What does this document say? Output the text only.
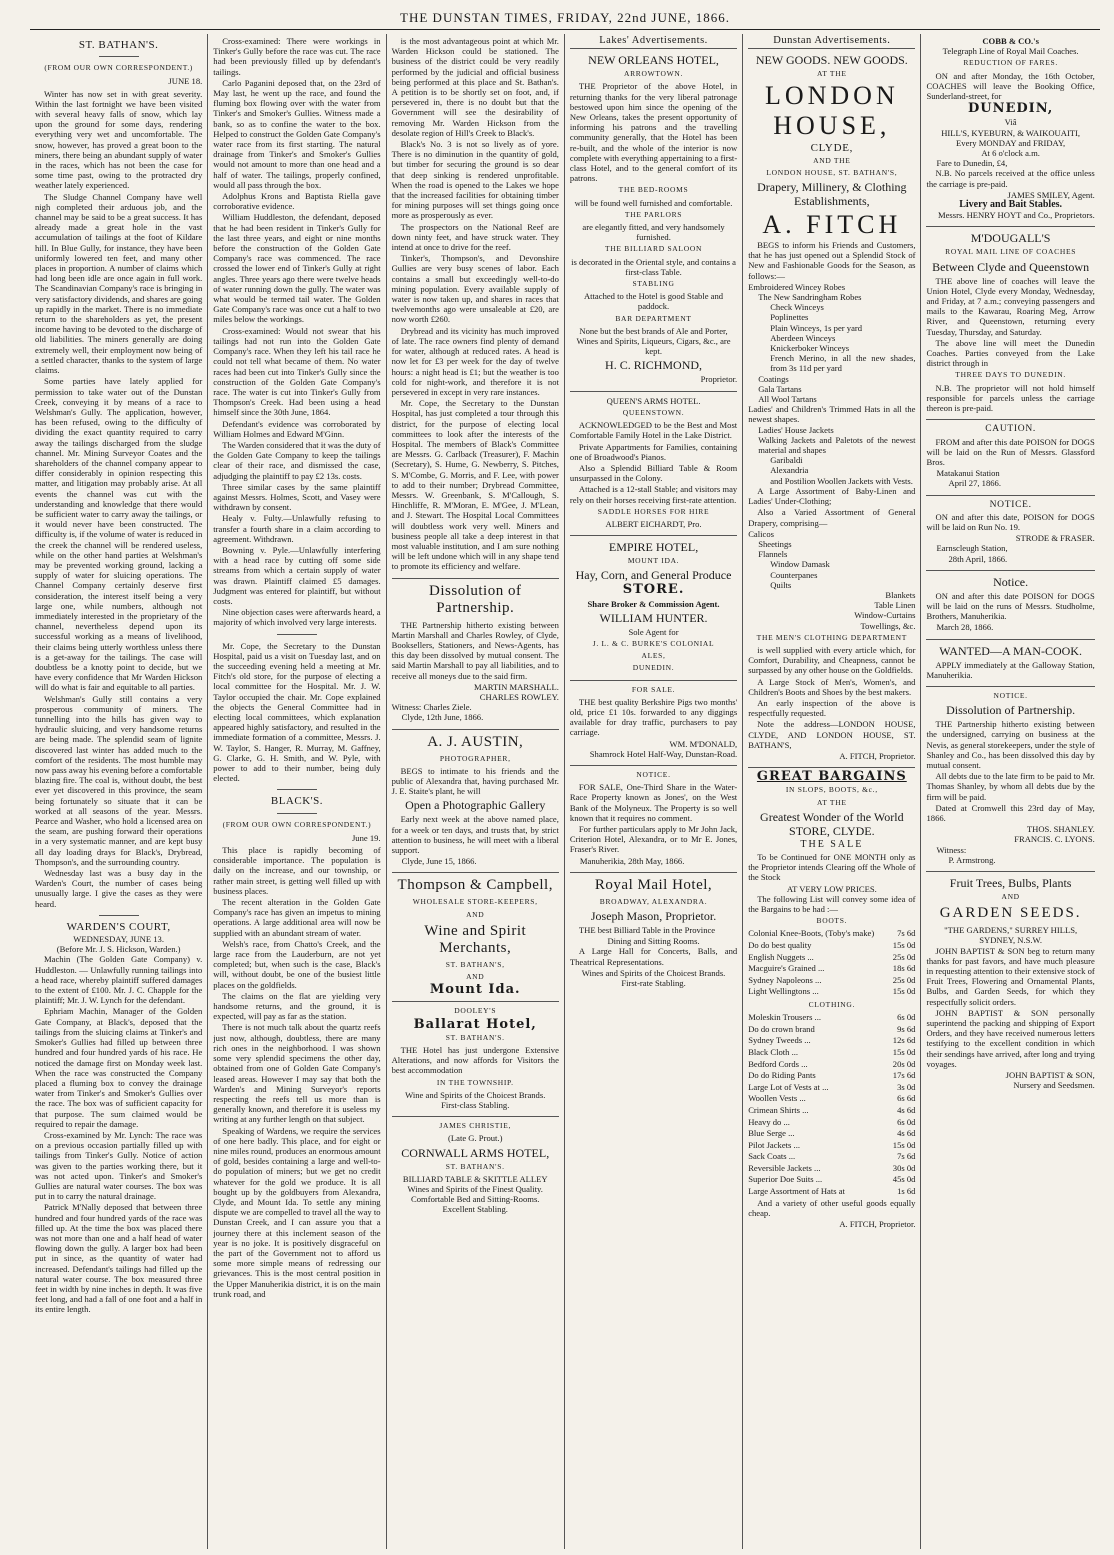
THE DUNSTAN TIMES, FRIDAY, 22nd JUNE, 1866.
ST. BATHAN'S.
(FROM OUR OWN CORRESPONDENT.)
JUNE 18.

Winter has now set in with great severity. Within the last fortnight we have been visited with several heavy falls of snow, which lay upon the ground for some days, rendering everything very wet and uncomfortable. The snow, however, has proved a great boon to the miners, there being an abundant supply of water in the races, which has not been the case for some time past, owing to the protracted dry weather lately experienced.

The Sludge Channel Company have well nigh completed their arduous job, and the channel may be said to be a great success. It has already made a great hole in the vast accumulation of tailings at the foot of Kildare hill. In Blue Gully, for instance, they have been uniformly lowered ten feet, and many other places in proportion. A number of claims which had long been idle are once again in full work. The Scandinavian Company's race is bringing in very satisfactory dividends, and shares are going up rapidly in the market. There is no immediate return to the shareholders as yet, the present income having to be devoted to the discharge of old liabilities. The miners generally are doing extremely well, their employment now being of a settled character, thanks to the system of large claims.

Some parties have lately applied for permission to take water out of the Dunstan Creek, conveying it by means of a race to Welshman's Gully. The application, however, has been refused, owing to the difficulty of dividing the exact quantity required to carry away the tailings discharged from the sludge channel. Mr. Mining Surveyor Coates and the shareholders of the channel company appear to differ considerably in opinion respecting this matter, and litigation may probably arise. At all events the channel was cut with the understanding and knowledge that there would be sufficient water to carry away the tailings, or it would never have been constructed. The difficulty is, if the volume of water is reduced in the creek the channel will be rendered useless, while on the other hand parties at Welshman's may be prevented working ground, lacking a supply of water for sluicing operations. The Channel Company certainly deserve first consideration, the interest itself being a very large one, while numbers, although not immediately interested in the proprietary of the channel, nevertheless depend upon its successful working as a means of livelihood, their claims being utterly worthless unless there is a get-away for the tailings. The case will doubtless be a knotty point to decide, but we have every confidence that Mr Warden Hickson will do what is fair and equitable to all parties.

Welshman's Gully still contains a very prosperous community of miners. The tunnelling into the hills has given way to hydraulic sluicing, and very handsome returns are being made. The splendid seam of lignite discovered last winter has added much to the comfort of the residents. The most humble may now pass away his evening before a comfortable blazing fire. The coal is, without doubt, the best ever yet discovered in this province, the seam being fortunately so situate that it can be worked at all seasons of the year. Messrs. Pearce and Washer, who hold a licensed area on the seam, are pushing forward their operations in a very systematic manner, and are kept busy all day loading drays for Black's, Drybread, Thompson's, and the surrounding country.

Wednesday last was a busy day in the Warden's Court, the number of cases being unusually large. I give the cases as they were heard.

WARDEN'S COURT,
WEDNESDAY, JUNE 13.
(Before Mr. J. S. Hickson, Warden.)

Machin (The Golden Gate Company) v. Huddleston. — Unlawfully running tailings into a head race, whereby plaintiff suffered damages to the extent of £100. Mr. J. C. Chapple for the plaintiff; Mr. J. W. Lynch for the defendant.

Ephriam Machin, Manager of the Golden Gate Company, at Black's, deposed that the tailings from the sluicing claims at Tinker's and Smoker's Gullies had filled up between three hundred and four hundred yards of his race. He noticed the damage first on Monday week last. When the race was constructed the Company placed a fluming box to convey the drainage water from Tinker's and Smoker's Gullies over the race. The box was of sufficient capacity for that purpose. The sum claimed would be required to repair the damage.

Cross-examined by Mr. Lynch: The race was on a previous occasion partially filled up with tailings from Tinker's Gully. Notice of action was given to the parties working there, but it was not acted upon. Tinker's and Smoker's Gullies are natural water courses. The box was put in to carry the natural drainage.

Patrick M'Nally deposed that between three hundred and four hundred yards of the race was filled up. At the time the box was placed there was not more than one and a half head of water flowing down the gully. A larger box had been put in since, as the quantity of water had increased. Defendant's tailings had filled up the natural water course. The box measured three feet in width by nine inches in depth. It was five feet long, and had a fall of one foot and a half in its entire length.

Cross-examined: There were workings in Tinker's Gully before the race was cut. The race had been previously filled up by defendant's tailings.

Carlo Paganini deposed that, on the 23rd of May last, he went up the race, and found the fluming box flowing over with the water from Tinker's and Smoker's Gullies. Witness made a bank, so as to confine the water to the box. Helped to construct the Golden Gate Company's water race from its first starting. The natural drainage from Tinker's and Smoker's Gullies would not amount to more than one head and a half of water. The tailings, properly confined, would all pass through the box.

Adolphus Krons and Baptista Riella gave corroborative evidence.

William Huddleston, the defendant, deposed that he had been resident in Tinker's Gully for the last three years, and eight or nine months before the construction of the Golden Gate Company's race was commenced. The race crossed the lower end of Tinker's Gully at right angles. Three years ago there were twelve heads of water running down the gully. The water was what would be termed tail water. The Golden Gate Company's race was once cut a half to two miles below the workings.

Cross-examined: Would not swear that his tailings had not run into the Golden Gate Company's race. When they left his tail race he could not tell what became of them. No water races had been cut into Tinker's Gully since the construction of the Golden Gate Company's race. The water is cut into Tinker's Gully from Thompson's Creek. Had been using a head himself since the 30th June, 1864.

Defendant's evidence was corroborated by William Holmes and Edward M'Ginn.

The Warden considered that it was the duty of the Golden Gate Company to keep the tailings clear of their race, and dismissed the case, adjudging the plaintiff to pay £2 13s. costs.

Three similar cases by the same plaintiff against Messrs. Holmes, Scott, and Vasey were withdrawn by consent.

Healy v. Fulty.—Unlawfully refusing to transfer a fourth share in a claim according to agreement. Withdrawn.

Bowning v. Pyle.—Unlawfully interfering with a head race by cutting off some side streams from which a certain supply of water was drawn. Plaintiff claimed £5 damages. Judgment was entered for plaintiff, but without costs.

Nine objection cases were afterwards heard, a majority of which involved very large interests.

Mr. Cope, the Secretary to the Dunstan Hospital, paid us a visit on Tuesday last, and on the succeeding evening held a meeting at Mr. Fitch's old store, for the purpose of electing a local committee for the Hospital. Mr. J. W. Taylor occupied the chair. Mr. Cope explained the objects the General Committee had in electing local committees, which explanation appeared highly satisfactory, and resulted in the immediate formation of a committee, Messrs. J. W. Taylor, S. Hanger, R. Murray, M. Gaffney, G. Clarke, G. H. Smith, and W. Pyle, with power to add to their number, being duly elected.

BLACK'S.
(FROM OUR OWN CORRESPONDENT.)
June 19.

This place is rapidly becoming of considerable importance. The population is daily on the increase, and our township, or rather main street, is getting well filled up with business places.

The recent alteration in the Golden Gate Company's race has given an impetus to mining operations. A large additional area will now be supplied with an abundant stream of water.

Welsh's race, from Chatto's Creek, and the large race from the Lauderburn, are not yet completed; but, when such is the case, Black's will, without doubt, be one of the busiest little places on the goldfields.

The claims on the flat are yielding very handsome returns, and the ground, it is expected, will pay as far as the station.

There is not much talk about the quartz reefs just now, although, doubtless, there are many rich ones in the neighborhood. I was shown some very splendid specimens the other day, obtained from one of Golden Gate Company's leased areas. However I may say that both the Warden's and Mining Surveyor's reports respecting the reefs tell us more than is generally known, and therefore it is useless my writing at any further length on that subject.

Speaking of Wardens, we require the services of one here badly. This place, and for eight or nine miles round, produces an enormous amount of gold, besides containing a large and well-to-do population of miners; but we get no credit whatever for the gold we produce. It is all bought up by the goldbuyers from Alexandra, Clyde, and Mount Ida. To settle any mining dispute we are compelled to travel all the way to Dunstan Creek, and I can assure you that a journey there at this inclement season of the year is no joke. It is positively disgraceful on the part of the Government not to afford us some more simple means of redressing our grievances. This is the most central position in the Upper Manuherikia district, it is on the main trunk road, and

is the most advantageous point at which Mr. Warden Hickson could be stationed. The business of the district could be very readily performed by the judicial and official business being performed at this place and St. Bathan's. A petition is to be shortly set on foot, and, if persevered in, there is no doubt but that the Government will see the desirability of removing Mr. Warden Hickson from the desolate region of Hill's Creek to Black's.

Black's No. 3 is not so lively as of yore. There is no diminution in the quantity of gold, but timber for securing the ground is so dear that deep sinking is rendered unprofitable. When the road is opened to the Lakes we hope that the increased facilities for obtaining timber for mining purposes will set things going once more as prosperously as ever.

The prospectors on the National Reef are down ninty feet, and have struck water. They intend at once to drive for the reef.

Tinker's, Thompson's, and Devonshire Gullies are very busy scenes of labor. Each contains a small but exceedingly well-to-do mining population. Every available supply of water is now taken up, and shares in races that twelvemonths ago were unsaleable at £20, are now worth £260.

Drybread and its vicinity has much improved of late. The race owners find plenty of demand for water, although at reduced rates. A head is now let for £3 per week for the day of twelve hours: a night head is £1; but the weather is too cold for night-work, and therefore it is not persevered in except in very rare instances.

Mr. Cope, the Secretary to the Dunstan Hospital, has just completed a tour through this district, for the purpose of electing local committees to look after the interests of the Hospital. The members of Black's Committee are Messrs. G. Carlback (Treasurer), F. Machin (Secretary), S. Hume, G. Newberry, S. Pitches, S. M'Combe, G. Morris, and F. Lee, with power to add to their number; Drybread Committee, Messrs. W. Greenbank, S. M'Callough, S. Hinchliffe, R. M'Moran, E. M'Gee, J. M'Lean, and J. Stewart. The Hospital Local Committees will doubtless work very well. Miners and business people all take a deep interest in that most valuable institution, and I am sure nothing will be left undone which will in any shape tend to promote its efficiency and welfare.

Dissolution of Partnership.

THE Partnership hitherto existing between Martin Marshall and Charles Rowley, of Clyde, Booksellers, Stationers, and News-Agents, has this day been dissolved by mutual consent. The said Martin Marshall to pay all liabilities, and to receive all moneys due to the said firm.

MARTIN MARSHALL.
CHARLES ROWLEY.
Witness: Charles Ziele.
Clyde, 12th June, 1866.
A. J. AUSTIN,
PHOTOGRAPHER,

BEGS to intimate to his friends and the public of Alexandra that, having purchased Mr. J. E. Staite's plant, he will

Open a Photographic Gallery

Early next week at the above named place, for a week or ten days, and trusts that, by strict attention to business, he will meet with a liberal support.

Clyde, June 15, 1866.
Thompson & Campbell,
WHOLESALE STORE-KEEPERS,
AND
Wine and Spirit Merchants,
ST. BATHAN'S,
AND
Mount Ida.
DOOLEY'S
Ballarat Hotel,
ST. BATHAN'S.

THE Hotel has just undergone Extensive Alterations, and now affords for Visitors the best accommodation

IN THE TOWNSHIP.
Wine and Spirits of the Choicest Brands.
First-class Stabling.
JAMES CHRISTIE,
(Late G. Prout.)
CORNWALL ARMS HOTEL,
ST. BATHAN'S.
BILLIARD TABLE & SKITTLE ALLEY
Wines and Spirits of the Finest Quality.
Comfortable Bed and Sitting-Rooms.
Excellent Stabling.
Lakes' Advertisements.
NEW ORLEANS HOTEL,
ARROWTOWN.

THE Proprietor of the above Hotel, in returning thanks for the very liberal patronage bestowed upon him since the opening of the New Orleans, takes the present opportunity of informing his patrons and the travelling community generally, that the Hotel has been re-built, and the whole of the interior is now complete with everything appertaining to a first-class Hotel, and to the general comfort of its patrons.

THE BED-ROOMS
will be found well furnished and comfortable.
THE PARLORS
are elegantly fitted, and very handsomely furnished.
THE BILLIARD SALOON
is decorated in the Oriental style, and contains a first-class Table.
STABLING
Attached to the Hotel is good Stable and paddock.
BAR DEPARTMENT
None but the best brands of Ale and Porter, Wines and Spirits, Liqueurs, Cigars, &c., are kept.
H. C. RICHMOND,
Proprietor.
QUEEN'S ARMS HOTEL.
QUEENSTOWN.

ACKNOWLEDGED to be the Best and Most Comfortable Family Hotel in the Lake District.

Private Appartments for Families, containing one of Broadwood's Pianos.

Also a Splendid Billiard Table & Room unsurpassed in the Colony.

Attached is a 12-stall Stable; and visitors may rely on their horses receiving first-rate attention.

SADDLE HORSES FOR HIRE
ALBERT EICHARDT, Pro.
EMPIRE HOTEL,
MOUNT IDA.
Hay, Corn, and General Produce
STORE.
Share Broker & Commission Agent.
WILLIAM HUNTER.
Sole Agent for
J. L. & C. BURKE'S COLONIAL
ALES,
DUNEDIN.
FOR SALE.

THE best quality Berkshire Pigs two months' old, price £1 10s. forwarded to any diggings available for dray traffic, purchasers to pay carriage.

WM. M'DONALD,
Shamrock Hotel Half-Way, Dunstan-Road.
NOTICE.

FOR SALE, One-Third Share in the Water-Race Property known as Jones', on the West Bank of the Molyneux. The Property is so well known that it requires no comment.

For further particulars apply to Mr John Jack, Criterion Hotel, Alexandra, or to Mr E. Jones, Fraser's River.

Manuherikia, 28th May, 1866.
Royal Mail Hotel,
BROADWAY, ALEXANDRA.
Joseph Mason, Proprietor.

THE best Billiard Table in the Province

Dining and Sitting Rooms.

A Large Hall for Concerts, Balls, and Theatrical Representations.

Wines and Spirits of the Choicest Brands.
First-rate Stabling.
Dunstan Advertisements.
NEW GOODS. NEW GOODS.
AT THE
LONDON HOUSE,
CLYDE,
AND THE
LONDON HOUSE, ST. BATHAN'S,
Drapery, Millinery, & Clothing Establishments,
A. FITCH

BEGS to inform his Friends and Customers, that he has just opened out a Splendid Stock of New and Fashionable Goods for the Season, as follows:—

Embroidered Wincey Robes
The New Sandringham Robes
Check Winceys
Poplinettes
Plain Winceys, 1s per yard
Aberdeen Winceys
Knickerboker Winceys
French Merino, in all the new shades, from 3s 11d per yard
Coatings
Gala Tartans
All Wool Tartans
Ladies' and Children's Trimmed Hats in all the newest shapes.
Ladies' House Jackets
Walking Jackets and Paletots of the newest material and shapes
Garibaldi
Alexandria
and Postilion Woollen Jackets with Vests.

A Large Assortment of Baby-Linen and Ladies' Under-Clothing;

Also a Varied Assortment of General Drapery, comprising—

Calicos
Sheetings
Flannels
Window Damask
Counterpanes
Quilts
Blankets
Table Linen
Window-Curtains
Towellings, &c.
THE MEN'S CLOTHING DEPARTMENT

is well supplied with every article which, for Comfort, Durability, and Cheapness, cannot be surpassed by any other house on the Goldfields.

A Large Stock of Men's, Women's, and Children's Boots and Shoes by the best makers.

An early inspection of the above is respectfully requested.

Note the address—LONDON HOUSE, CLYDE, AND LONDON HOUSE, ST. BATHAN'S,

A. FITCH, Proprietor.
GREAT BARGAINS
IN SLOPS, BOOTS, &c.,
AT THE
Greatest Wonder of the World STORE, CLYDE.
THE SALE

To be Continued for ONE MONTH only as the Proprietor intends Clearing off the Whole of the Stock

AT VERY LOW PRICES.

The following List will convey some idea of the Bargains to be had :—

BOOTS.
Colonial Knee-Boots, (Toby's make)	7s 6d
Do do best quality	15s 0d
English Nuggets ...	25s 0d
Macguire's Grained ...	18s 6d
Sydney Napoleons ...	25s 0d
Light Wellingtons ...	15s 0d
CLOTHING.
Moleskin Trousers ...	6s 0d
Do do crown brand	9s 6d
Sydney Tweeds ...	12s 6d
Black Cloth ...	15s 0d
Bedford Cords ...	20s 0d
Do do Riding Pants	17s 6d
Large Lot of Vests at ...	3s 0d
Woollen Vests ...	6s 6d
Crimean Shirts ...	4s 6d
Heavy do ...	6s 0d
Blue Serge ...	4s 6d
Pilot Jackets ...	15s 0d
Sack Coats ...	7s 6d
Reversible Jackets ...	30s 0d
Superior Doe Suits ...	45s 0d
Large Assortment of Hats at	1s 6d

And a variety of other useful goods equally cheap.

A. FITCH, Proprietor.
COBB & CO.'s
Telegraph Line of Royal Mail Coaches.
REDUCTION OF FARES.

ON and after Monday, the 16th October, COACHES will leave the Booking Office, Sunderland-street, for

DUNEDIN,
Viâ
HILL'S, KYEBURN, & WAIKOUAITI,
Every MONDAY and FRIDAY,
At 6 o'clock a.m.
Fare to Dunedin, £4,

N.B. No parcels received at the office unless the carriage is pre-paid.

JAMES SMILEY, Agent.
Livery and Bait Stables.
Messrs. HENRY HOYT and Co., Proprietors.
M'DOUGALL'S
ROYAL MAIL LINE OF COACHES
Between Clyde and Queenstown

THE above line of coaches will leave the Union Hotel, Clyde every Monday, Wednesday, and Friday, at 7 a.m.; conveying passengers and mails to the Kawarau, Roaring Meg, Arrow River, and Queenstown, returning every Tuesday, Thursday, and Saturday.

The above line will meet the Dunedin Coaches. Parties conveyed from the Lake district through in

THREE DAYS TO DUNEDIN.

N.B. The proprietor will not hold himself responsible for parcels unless the carriage thereon is pre-paid.

CAUTION.

FROM and after this date POISON for DOGS will be laid on the Run of Messrs. Glassford Bros.

Matakanui Station
April 27, 1866.
NOTICE.

ON and after this date, POISON for DOGS will be laid on Run No. 19.

STRODE & FRASER.
Earnscleugh Station,
28th April, 1866.
Notice.

ON and after this date POISON for DOGS will be laid on the runs of Messrs. Studholme, Brothers, Manuherikia.

March 28, 1866.
WANTED—A MAN-COOK.

APPLY immediately at the Galloway Station, Manuherikia.

NOTICE.
Dissolution of Partnership.

THE Partnership hitherto existing between the undersigned, carrying on business at the Nevis, as general storekeepers, under the style of Shanley and Co., has been dissolved this day by mutual consent.

All debts due to the late firm to be paid to Mr. Thomas Shanley, by whom all debts due by the firm will be paid.

Dated at Cromwell this 23rd day of May, 1866.

THOS. SHANLEY.
FRANCIS. C. LYONS.
Witness:
P. Armstrong.
Fruit Trees, Bulbs, Plants
AND
GARDEN SEEDS.
"THE GARDENS," SURREY HILLS, SYDNEY, N.S.W.

JOHN BAPTIST & SON beg to return many thanks for past favors, and have much pleasure in requesting attention to their extensive stock of Fruit Trees, Flowering and Ornamental Plants, Bulbs, and Garden Seeds, for which they respectfully solicit orders.

JOHN BAPTIST & SON personally superintend the packing and shipping of Export Orders, and they have received numerous letters testifying to the excellent condition in which their sendings have arrived, after long and trying voyages.

JOHN BAPTIST & SON,
Nursery and Seedsmen.
